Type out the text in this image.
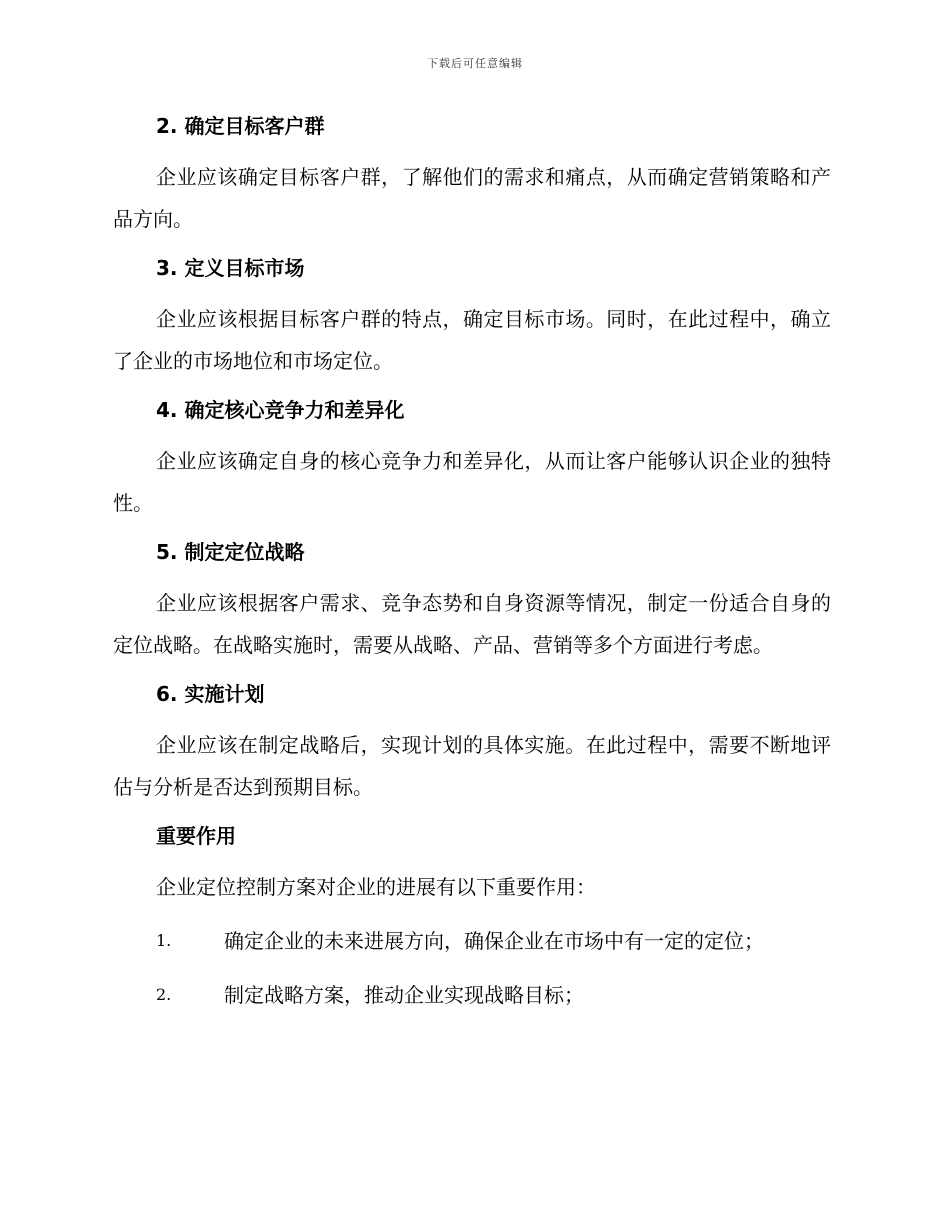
下载后可任意编辑

2. 确定目标客户群

企业应该确定目标客户群，了解他们的需求和痛点，从而确定营销策略和产品方向。

3. 定义目标市场

企业应该根据目标客户群的特点，确定目标市场。同时，在此过程中，确立了企业的市场地位和市场定位。

4. 确定核心竞争力和差异化

企业应该确定自身的核心竞争力和差异化，从而让客户能够认识企业的独特性。

5. 制定定位战略

企业应该根据客户需求、竞争态势和自身资源等情况，制定一份适合自身的定位战略。在战略实施时，需要从战略、产品、营销等多个方面进行考虑。

6. 实施计划

企业应该在制定战略后，实现计划的具体实施。在此过程中，需要不断地评估与分析是否达到预期目标。

重要作用

企业定位控制方案对企业的进展有以下重要作用：

1.	确定企业的未来进展方向，确保企业在市场中有一定的定位；
2.	制定战略方案，推动企业实现战略目标；
